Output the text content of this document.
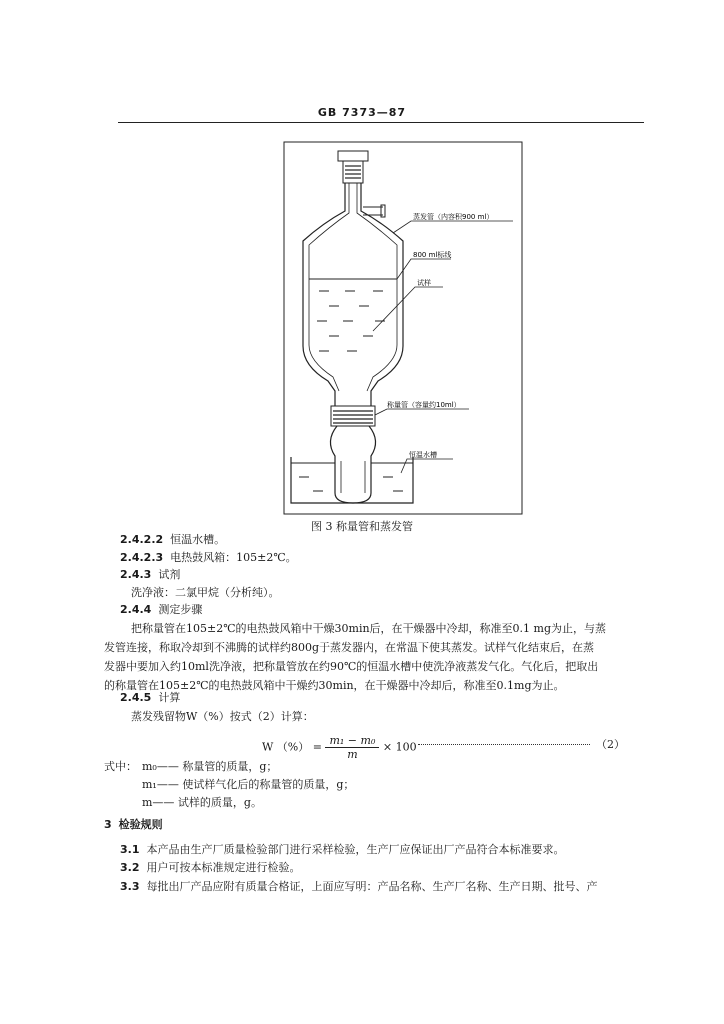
GB 7373—87
蒸发管（内容积900 ml）
800 ml标线
试样
称量管（容量约10ml）
恒温水槽
图 3 称量管和蒸发管
2.4.2.2 恒温水槽。
2.4.2.3 电热鼓风箱：105±2℃。
2.4.3 试剂
洗净液：二氯甲烷（分析纯）。
2.4.4 测定步骤
把称量管在105±2℃的电热鼓风箱中干燥30min后，在干燥器中冷却，称准至0.1 mg为止，与蒸
发管连接，称取冷却到不沸腾的试样约800g于蒸发器内，在常温下使其蒸发。试样气化结束后，在蒸
发器中要加入约10ml洗净液，把称量管放在约90℃的恒温水槽中使洗净液蒸发气化。气化后，把取出
的称量管在105±2℃的电热鼓风箱中干燥约30min，在干燥器中冷却后，称准至0.1mg为止。
2.4.5 计算
蒸发残留物W（%）按式（2）计算：
W （%） = $\frac{\text{m₁ − m₀}}{m} \times 100$	（2）
式中： m₀—— 称量管的质量，g；
m₁—— 使试样气化后的称量管的质量，g；
m—— 试样的质量，g。
3 检验规则
3.1 本产品由生产厂质量检验部门进行采样检验，生产厂应保证出厂产品符合本标准要求。
3.2 用户可按本标准规定进行检验。
3.3 每批出厂产品应附有质量合格证，上面应写明：产品名称、生产厂名称、生产日期、批号、产
